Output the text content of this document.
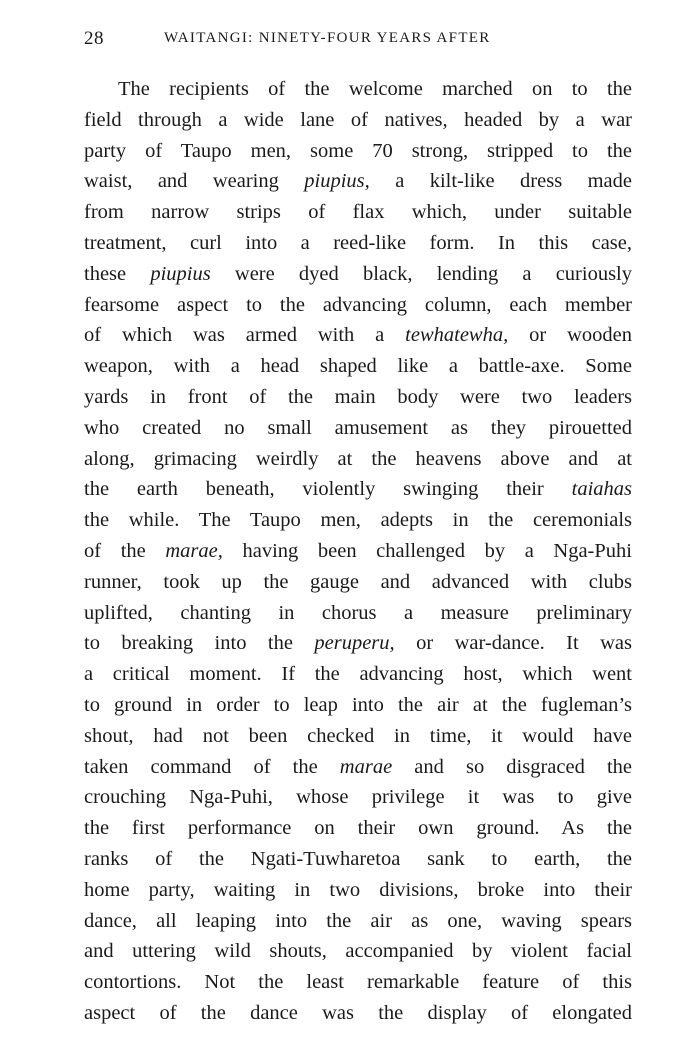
28	WAITANGI: NINETY-FOUR YEARS AFTER
The recipients of the welcome marched on to the
field through a wide lane of natives, headed by a war
party of Taupo men, some 70 strong, stripped to the
waist, and wearing piupius, a kilt-like dress made
from narrow strips of flax which, under suitable
treatment, curl into a reed-like form. In this case,
these piupius were dyed black, lending a curiously
fearsome aspect to the advancing column, each member
of which was armed with a tewhatewha, or wooden
weapon, with a head shaped like a battle-axe. Some
yards in front of the main body were two leaders
who created no small amusement as they pirouetted
along, grimacing weirdly at the heavens above and at
the earth beneath, violently swinging their taiahas
the while. The Taupo men, adepts in the ceremonials
of the marae, having been challenged by a Nga-Puhi
runner, took up the gauge and advanced with clubs
uplifted, chanting in chorus a measure preliminary
to breaking into the peruperu, or war-dance. It was
a critical moment. If the advancing host, which went
to ground in order to leap into the air at the fugleman’s
shout, had not been checked in time, it would have
taken command of the marae and so disgraced the
crouching Nga-Puhi, whose privilege it was to give
the first performance on their own ground. As the
ranks of the Ngati-Tuwharetoa sank to earth, the
home party, waiting in two divisions, broke into their
dance, all leaping into the air as one, waving spears
and uttering wild shouts, accompanied by violent facial
contortions. Not the least remarkable feature of this
aspect of the dance was the display of elongated
